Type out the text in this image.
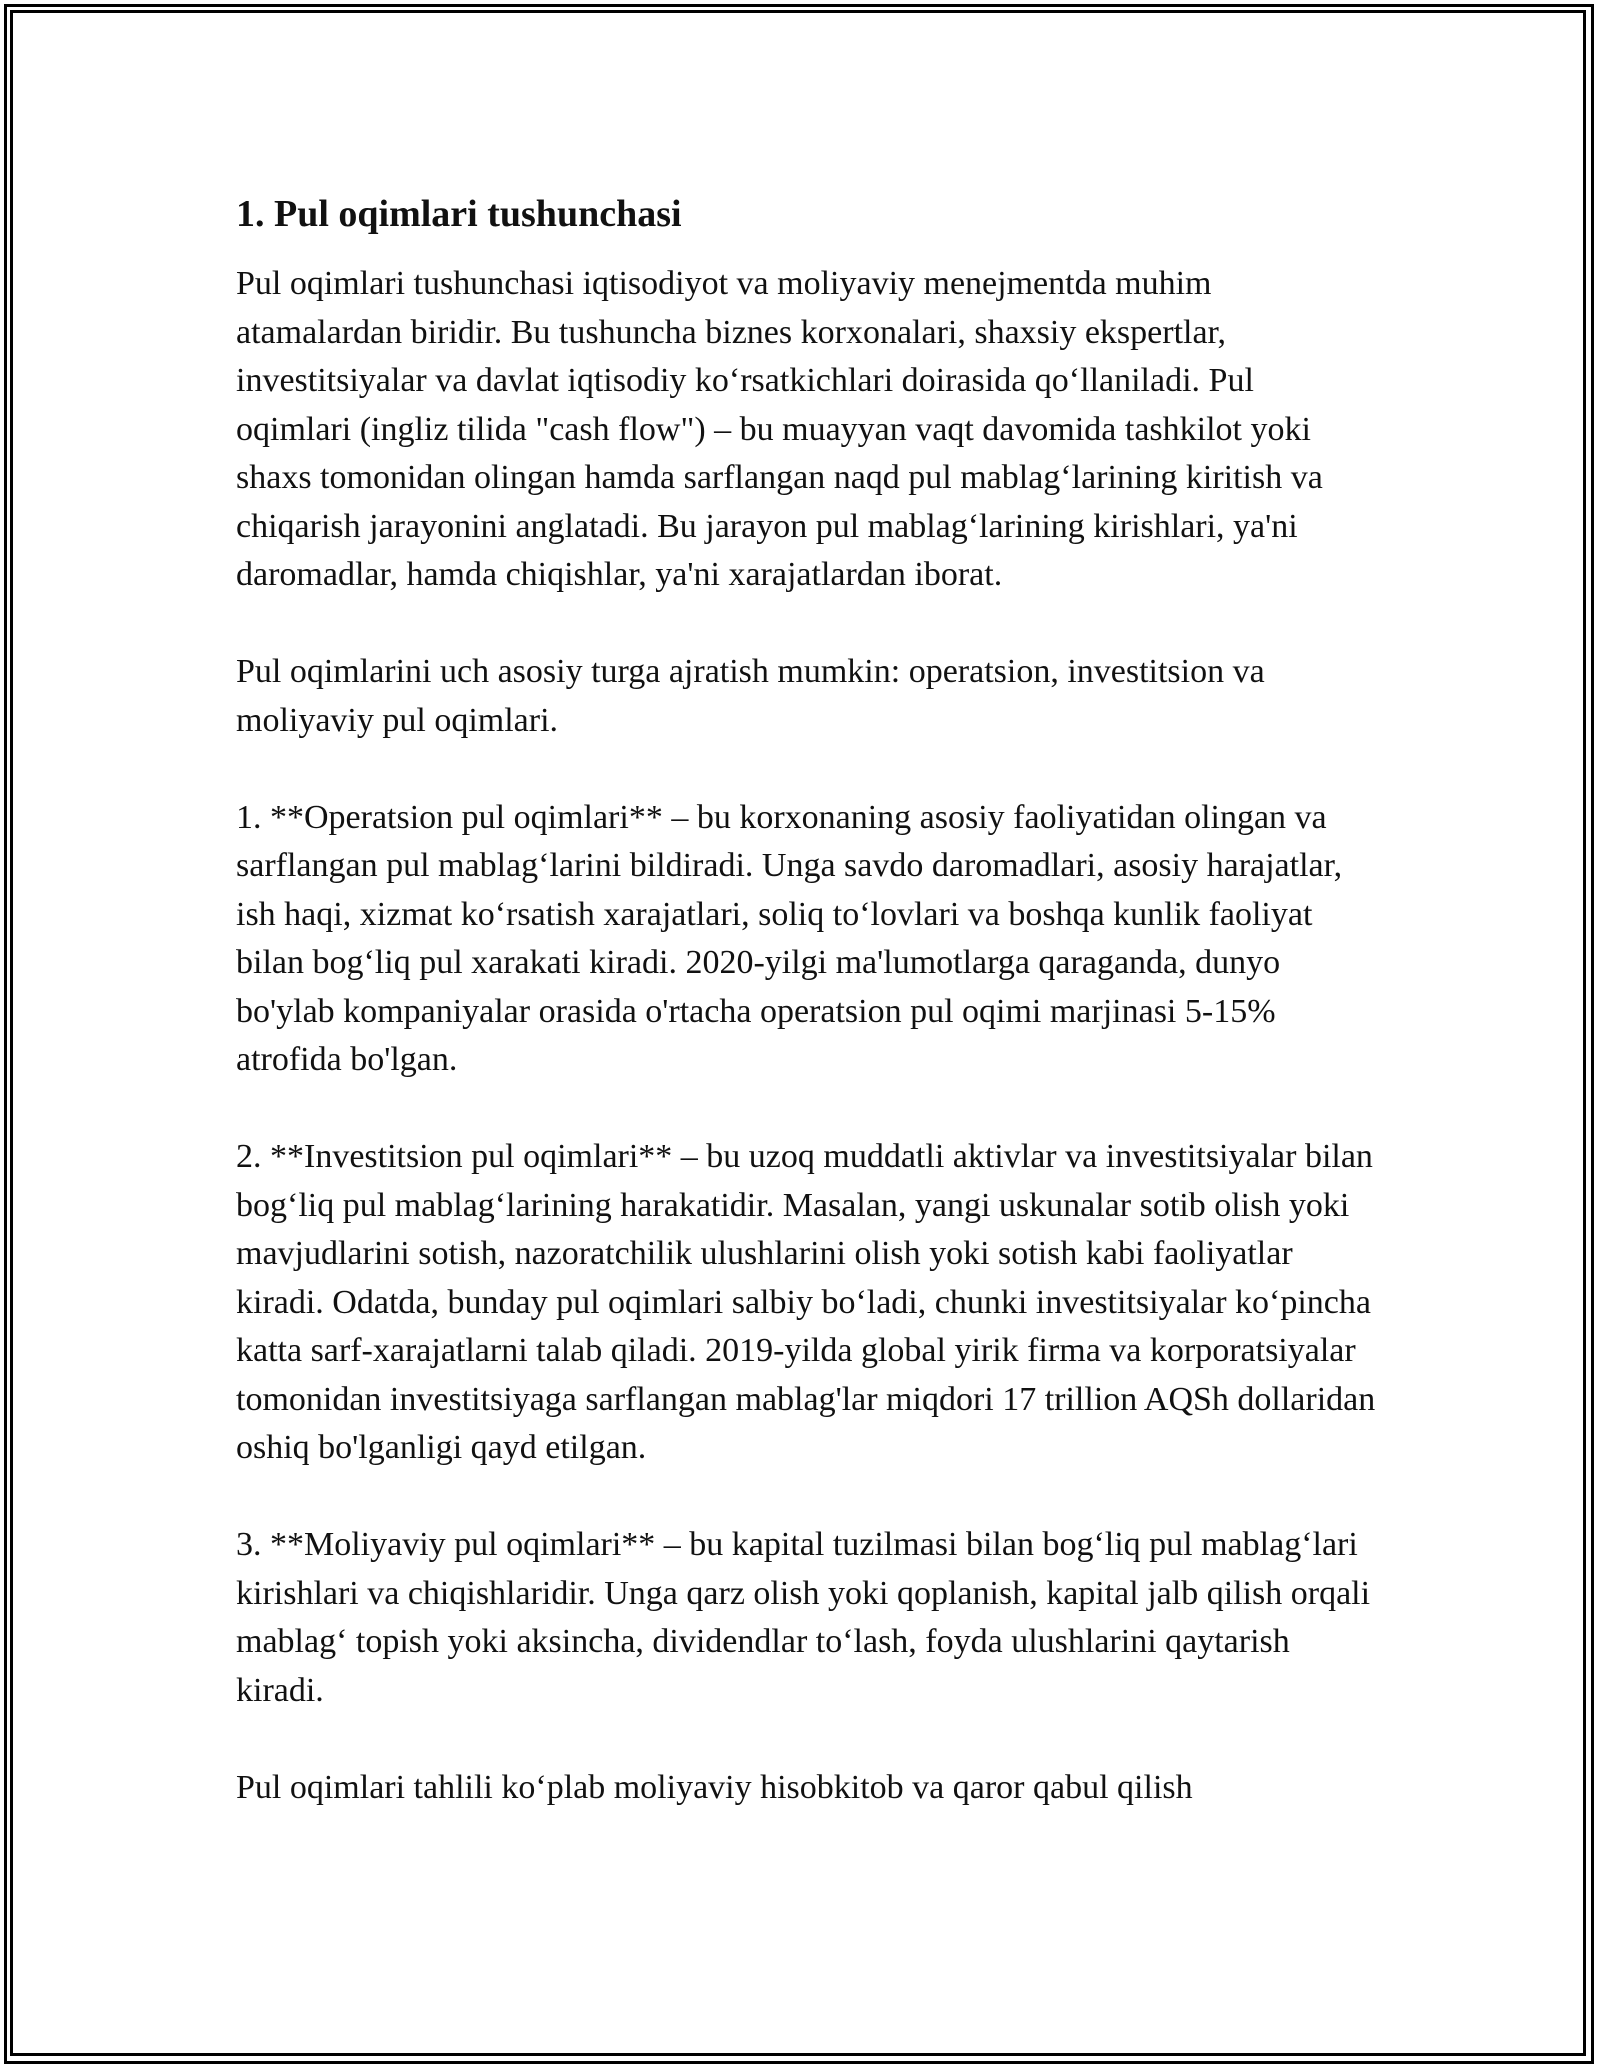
1. Pul oqimlari tushunchasi

Pul oqimlari tushunchasi iqtisodiyot va moliyaviy menejmentda muhim atamalardan biridir. Bu tushuncha biznes korxonalari, shaxsiy ekspertlar, investitsiyalar va davlat iqtisodiy ko‘rsatkichlari doirasida qo‘llaniladi. Pul oqimlari (ingliz tilida "cash flow") – bu muayyan vaqt davomida tashkilot yoki shaxs tomonidan olingan hamda sarflangan naqd pul mablag‘larining kiritish va chiqarish jarayonini anglatadi. Bu jarayon pul mablag‘larining kirishlari, ya'ni daromadlar, hamda chiqishlar, ya'ni xarajatlardan iborat.

Pul oqimlarini uch asosiy turga ajratish mumkin: operatsion, investitsion va moliyaviy pul oqimlari.

1. **Operatsion pul oqimlari** – bu korxonaning asosiy faoliyatidan olingan va sarflangan pul mablag‘larini bildiradi. Unga savdo daromadlari, asosiy harajatlar, ish haqi, xizmat ko‘rsatish xarajatlari, soliq to‘lovlari va boshqa kunlik faoliyat bilan bog‘liq pul xarakati kiradi. 2020-yilgi ma'lumotlarga qaraganda, dunyo bo'ylab kompaniyalar orasida o'rtacha operatsion pul oqimi marjinasi 5-15% atrofida bo'lgan.

2. **Investitsion pul oqimlari** – bu uzoq muddatli aktivlar va investitsiyalar bilan bog‘liq pul mablag‘larining harakatidir. Masalan, yangi uskunalar sotib olish yoki mavjudlarini sotish, nazoratchilik ulushlarini olish yoki sotish kabi faoliyatlar kiradi. Odatda, bunday pul oqimlari salbiy bo‘ladi, chunki investitsiyalar ko‘pincha katta sarf-xarajatlarni talab qiladi. 2019-yilda global yirik firma va korporatsiyalar tomonidan investitsiyaga sarflangan mablag'lar miqdori 17 trillion AQSh dollaridan oshiq bo'lganligi qayd etilgan.

3. **Moliyaviy pul oqimlari** – bu kapital tuzilmasi bilan bog‘liq pul mablag‘lari kirishlari va chiqishlaridir. Unga qarz olish yoki qoplanish, kapital jalb qilish orqali mablag‘ topish yoki aksincha, dividendlar to‘lash, foyda ulushlarini qaytarish kiradi.

Pul oqimlari tahlili ko‘plab moliyaviy hisobkitob va qaror qabul qilish
